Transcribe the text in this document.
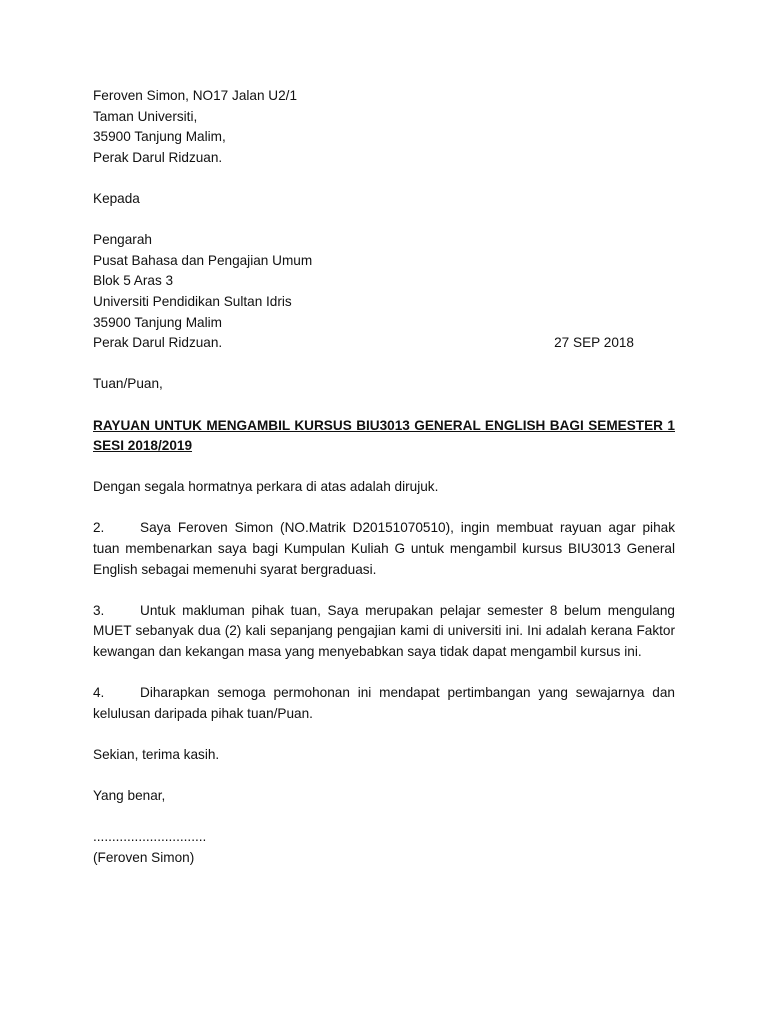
Feroven Simon, NO17 Jalan U2/1
Taman Universiti,
35900 Tanjung Malim,
Perak Darul Ridzuan.
Kepada
Pengarah
Pusat Bahasa dan Pengajian Umum
Blok 5 Aras 3
Universiti Pendidikan Sultan Idris
35900 Tanjung Malim
Perak Darul Ridzuan.	27 SEP 2018
Tuan/Puan,
RAYUAN UNTUK MENGAMBIL KURSUS BIU3013 GENERAL ENGLISH BAGI SEMESTER 1 SESI 2018/2019
Dengan segala hormatnya perkara di atas adalah dirujuk.
2.	Saya Feroven Simon (NO.Matrik D20151070510), ingin membuat rayuan agar pihak tuan membenarkan saya bagi Kumpulan Kuliah G untuk mengambil kursus BIU3013 General English sebagai memenuhi syarat bergraduasi.
3.	Untuk makluman pihak tuan, Saya merupakan pelajar semester 8 belum mengulang MUET sebanyak dua (2) kali sepanjang pengajian kami di universiti ini. Ini adalah kerana Faktor kewangan dan kekangan masa yang menyebabkan saya tidak dapat mengambil kursus ini.
4.	Diharapkan semoga permohonan ini mendapat pertimbangan yang sewajarnya dan kelulusan daripada pihak tuan/Puan.
Sekian, terima kasih.
Yang benar,
..............................
(Feroven Simon)
